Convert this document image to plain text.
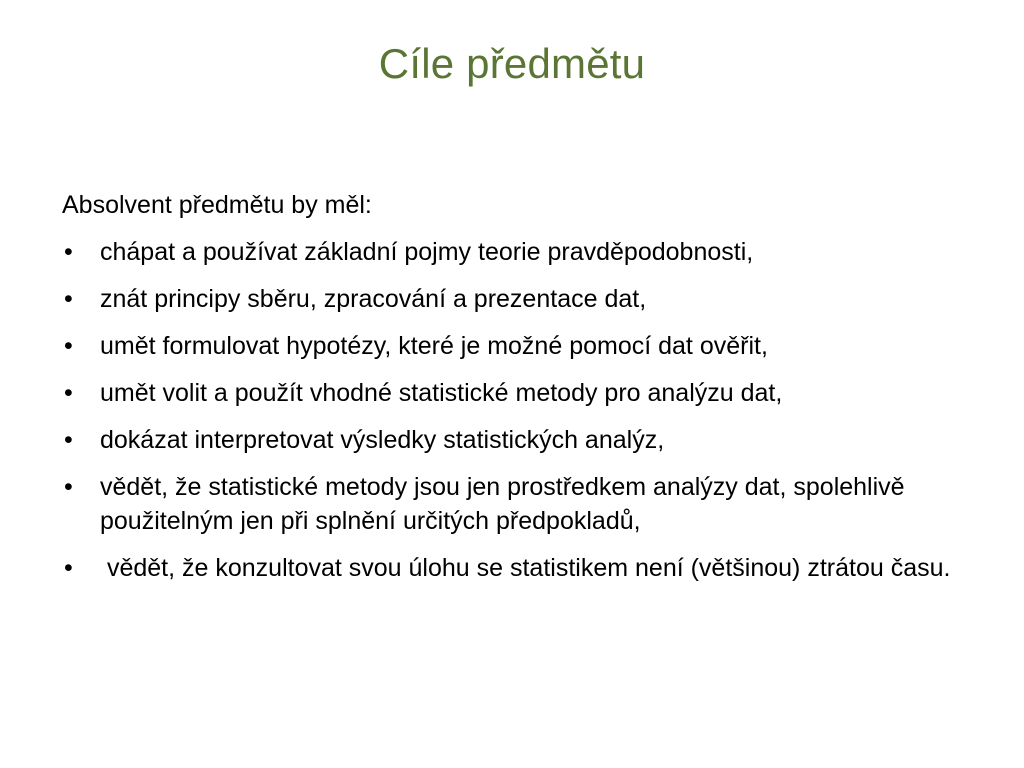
Cíle předmětu
Absolvent předmětu by měl:
•	chápat a používat základní pojmy teorie pravděpodobnosti,
•	znát principy sběru, zpracování a prezentace dat,
•	umět formulovat hypotézy, které je možné pomocí dat ověřit,
•	umět volit a použít vhodné statistické metody pro analýzu dat,
•	dokázat interpretovat výsledky statistických analýz,
•	vědět, že statistické metody jsou jen prostředkem analýzy dat, spolehlivě použitelným jen při splnění určitých předpokladů,
•	vědět, že konzultovat svou úlohu se statistikem není (většinou) ztrátou času.
